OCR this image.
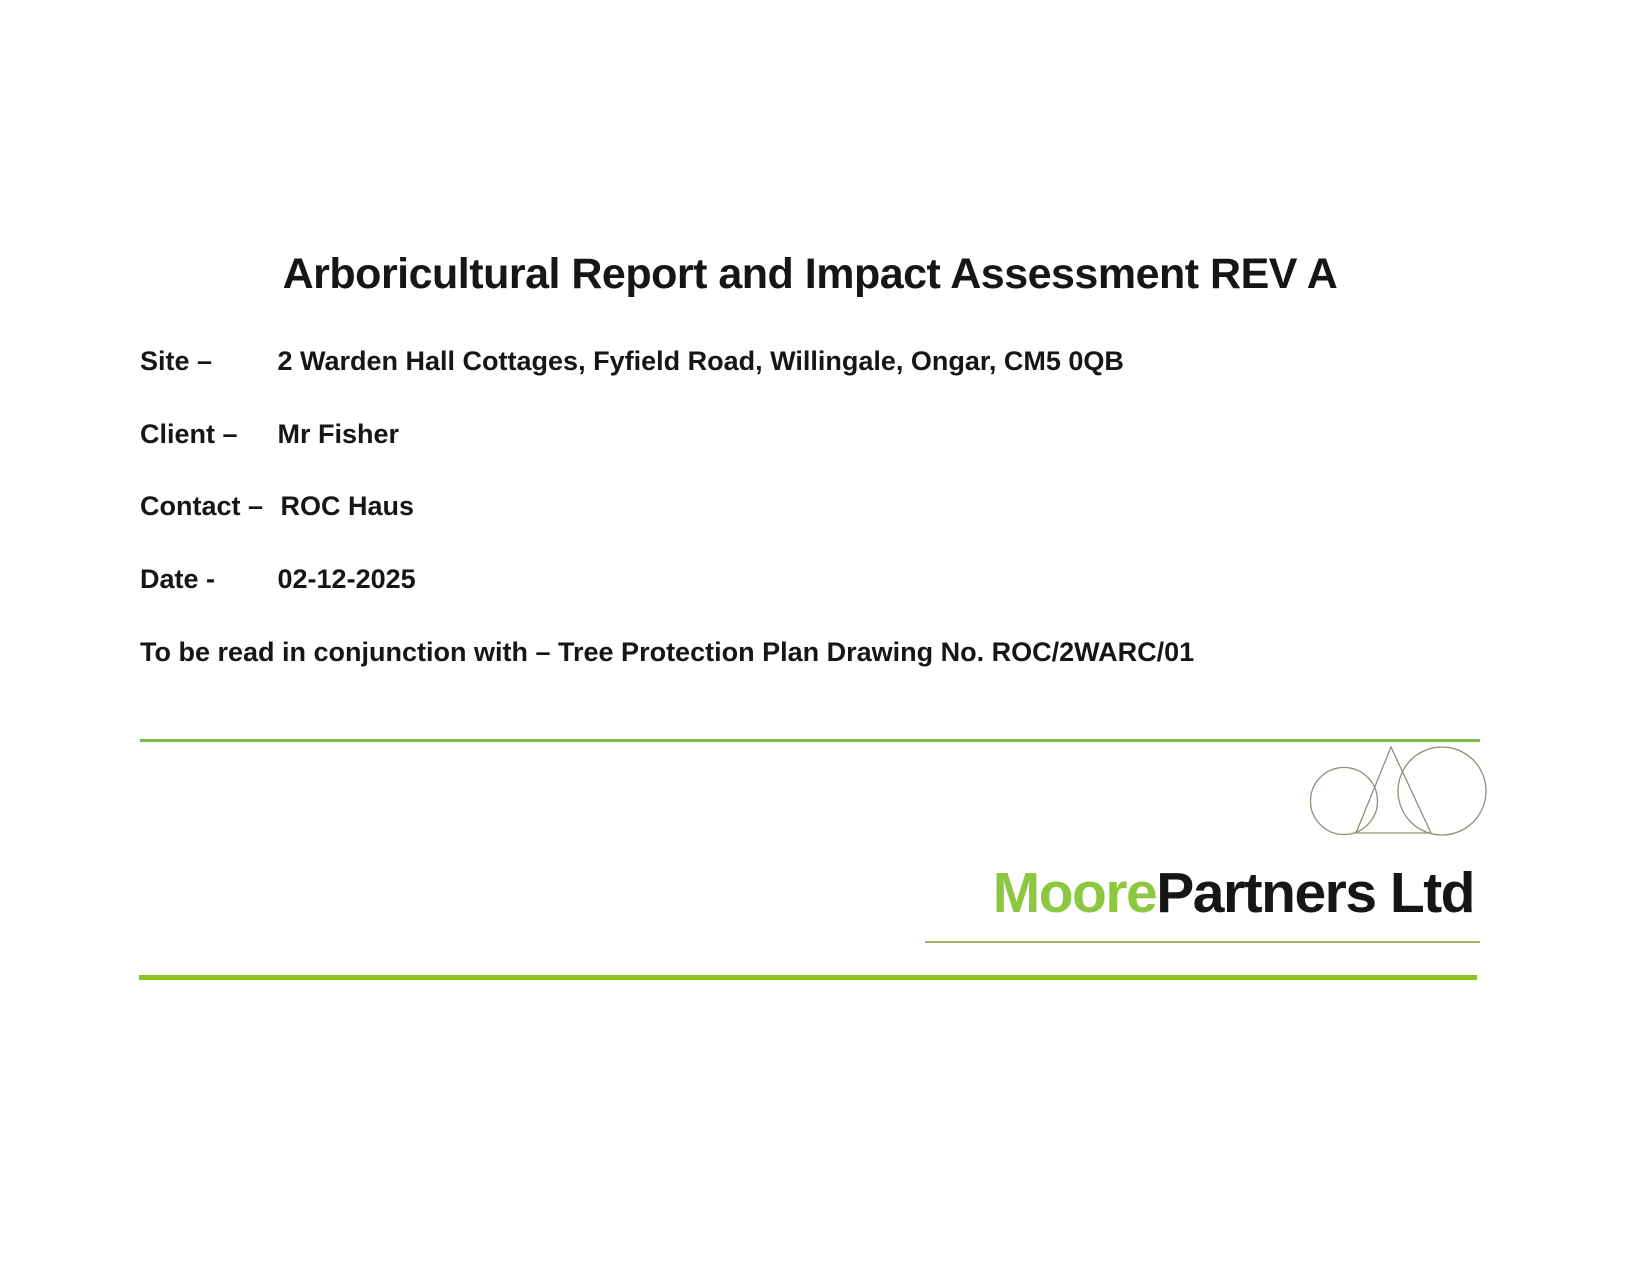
Arboricultural Report and Impact Assessment REV A
Site – 2 Warden Hall Cottages, Fyfield Road, Willingale, Ongar, CM5 0QB
Client – Mr Fisher
Contact – ROC Haus
Date - 02-12-2025
To be read in conjunction with – Tree Protection Plan Drawing No. ROC/2WARC/01
MoorePartners Ltd
